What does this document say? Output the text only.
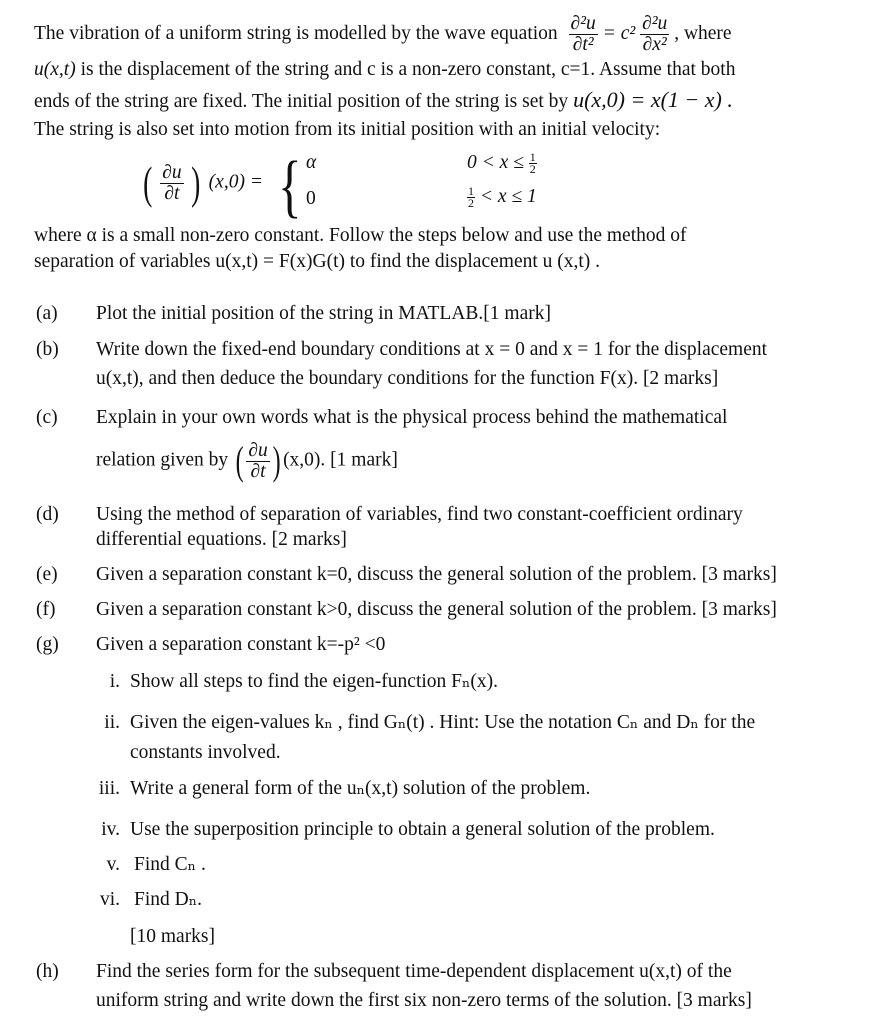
The vibration of a uniform string is modelled by the wave equation $\frac{\text{∂²u}}{\text{∂t²}} = c^2 \frac{\text{∂²u}}{\text{∂x²}}$ , where
u(x,t) is the displacement of the string and c is a non-zero constant, c=1. Assume that both
ends of the string are fixed. The initial position of the string is set by u(x,0) = x(1 − x) .
The string is also set into motion from its initial position with an initial velocity:
( $\frac{\partial u}{\partial t}$ ) (x,0) = { α	$0 < x \le \frac{1}{2}$
0	$\frac{1}{2} < x \le 1$
where α is a small non-zero constant. Follow the steps below and use the method of
separation of variables u(x,t) = F(x)G(t) to find the displacement u (x,t) .
(a) Plot the initial position of the string in MATLAB.[1 mark]
(b) Write down the fixed-end boundary conditions at x = 0 and x = 1 for the displacement
u(x,t), and then deduce the boundary conditions for the function F(x). [2 marks]
(c) Explain in your own words what is the physical process behind the mathematical
relation given by ( $\frac{\partial u}{\partial t}$ ) (x,0). [1 mark]
(d) Using the method of separation of variables, find two constant-coefficient ordinary
differential equations. [2 marks]
(e) Given a separation constant k=0, discuss the general solution of the problem. [3 marks]
(f) Given a separation constant k>0, discuss the general solution of the problem. [3 marks]
(g) Given a separation constant k=-p² <0
i. Show all steps to find the eigen-function Fₙ(x).
ii. Given the eigen-values kₙ , find Gₙ(t) . Hint: Use the notation Cₙ and Dₙ for the
constants involved.
iii. Write a general form of the uₙ(x,t) solution of the problem.
iv. Use the superposition principle to obtain a general solution of the problem.
v. Find Cₙ .
vi. Find Dₙ.
[10 marks]
(h) Find the series form for the subsequent time-dependent displacement u(x,t) of the
uniform string and write down the first six non-zero terms of the solution. [3 marks]
